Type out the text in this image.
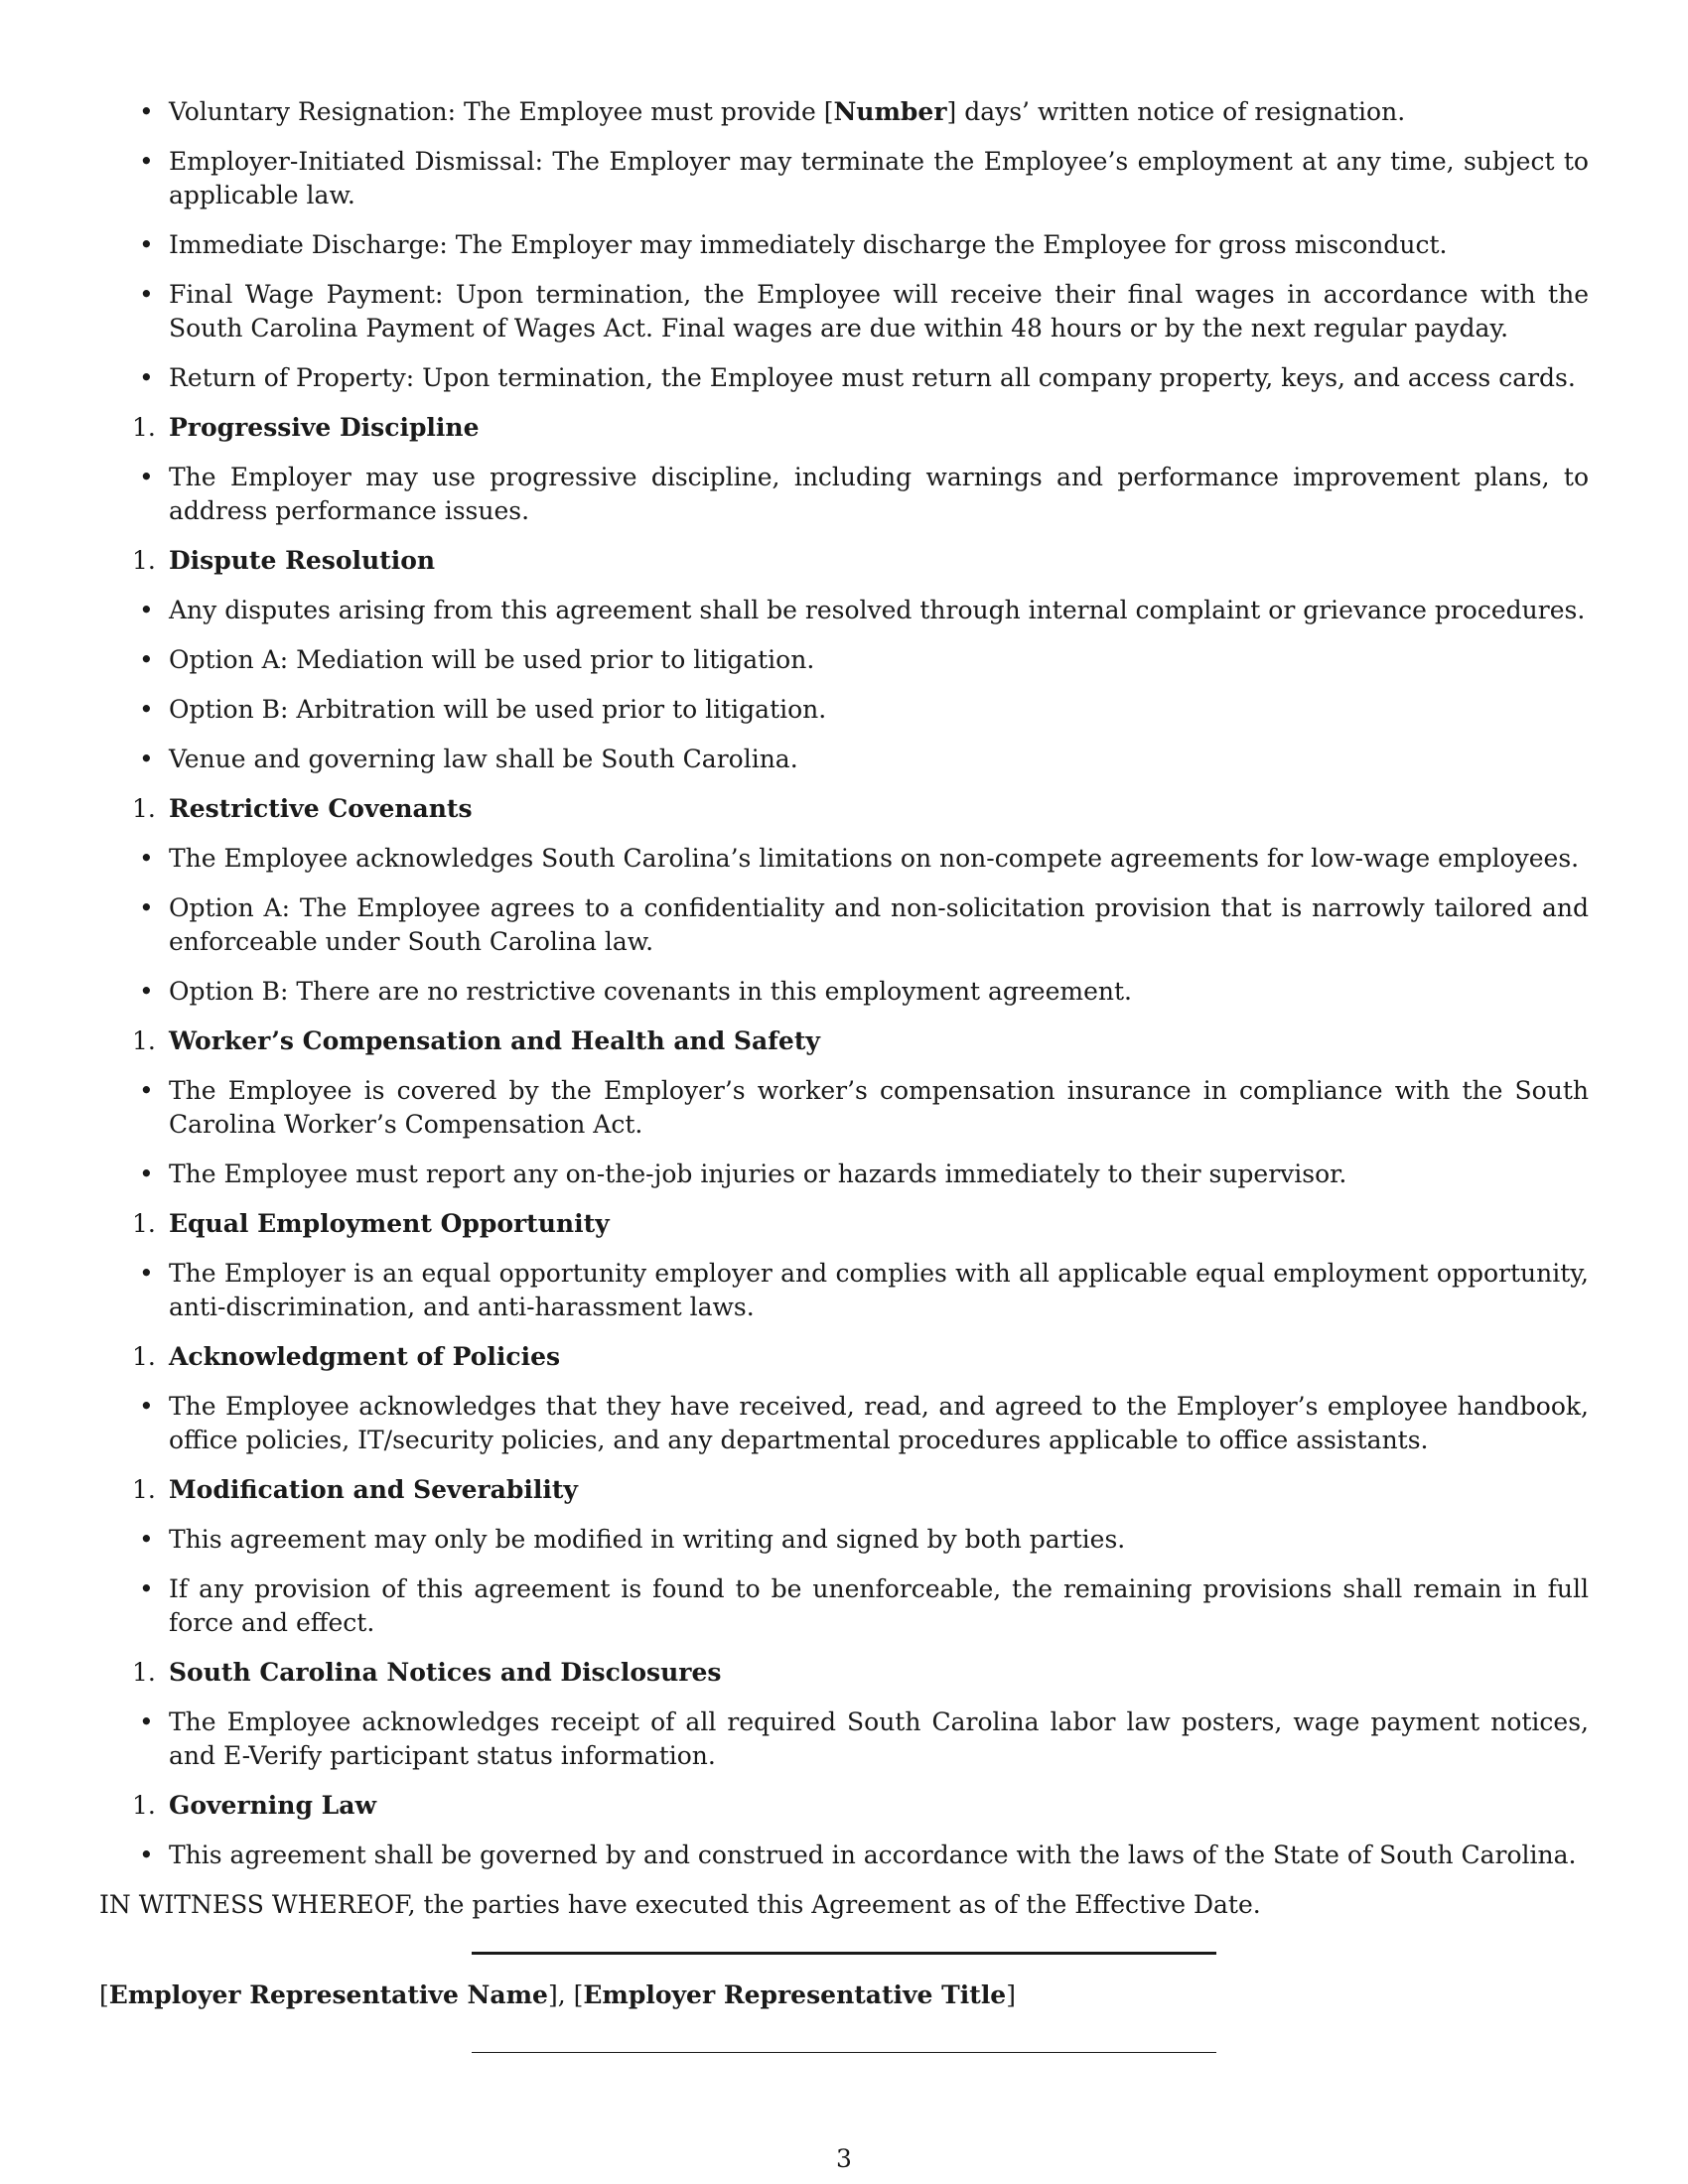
• Voluntary Resignation: The Employee must provide [Number] days’ written notice of resignation.
• Employer-Initiated Dismissal: The Employer may terminate the Employee’s employment at any time, subject to applicable law.
• Immediate Discharge: The Employer may immediately discharge the Employee for gross misconduct.
• Final Wage Payment: Upon termination, the Employee will receive their final wages in accordance with the South Carolina Payment of Wages Act. Final wages are due within 48 hours or by the next regular payday.
• Return of Property: Upon termination, the Employee must return all company property, keys, and access cards.
1. Progressive Discipline
• The Employer may use progressive discipline, including warnings and performance improvement plans, to address performance issues.
1. Dispute Resolution
• Any disputes arising from this agreement shall be resolved through internal complaint or grievance procedures.
• Option A: Mediation will be used prior to litigation.
• Option B: Arbitration will be used prior to litigation.
• Venue and governing law shall be South Carolina.
1. Restrictive Covenants
• The Employee acknowledges South Carolina’s limitations on non-compete agreements for low-wage employees.
• Option A: The Employee agrees to a confidentiality and non-solicitation provision that is narrowly tailored and enforceable under South Carolina law.
• Option B: There are no restrictive covenants in this employment agreement.
1. Worker’s Compensation and Health and Safety
• The Employee is covered by the Employer’s worker’s compensation insurance in compliance with the South Carolina Worker’s Compensation Act.
• The Employee must report any on-the-job injuries or hazards immediately to their supervisor.
1. Equal Employment Opportunity
• The Employer is an equal opportunity employer and complies with all applicable equal employment opportunity, anti-discrimination, and anti-harassment laws.
1. Acknowledgment of Policies
• The Employee acknowledges that they have received, read, and agreed to the Employer’s employee handbook, office policies, IT/security policies, and any departmental procedures applicable to office assistants.
1. Modification and Severability
• This agreement may only be modified in writing and signed by both parties.
• If any provision of this agreement is found to be unenforceable, the remaining provisions shall remain in full force and effect.
1. South Carolina Notices and Disclosures
• The Employee acknowledges receipt of all required South Carolina labor law posters, wage payment notices, and E-Verify participant status information.
1. Governing Law
• This agreement shall be governed by and construed in accordance with the laws of the State of South Carolina.
IN WITNESS WHEREOF, the parties have executed this Agreement as of the Effective Date.
[Employer Representative Name], [Employer Representative Title]
3
